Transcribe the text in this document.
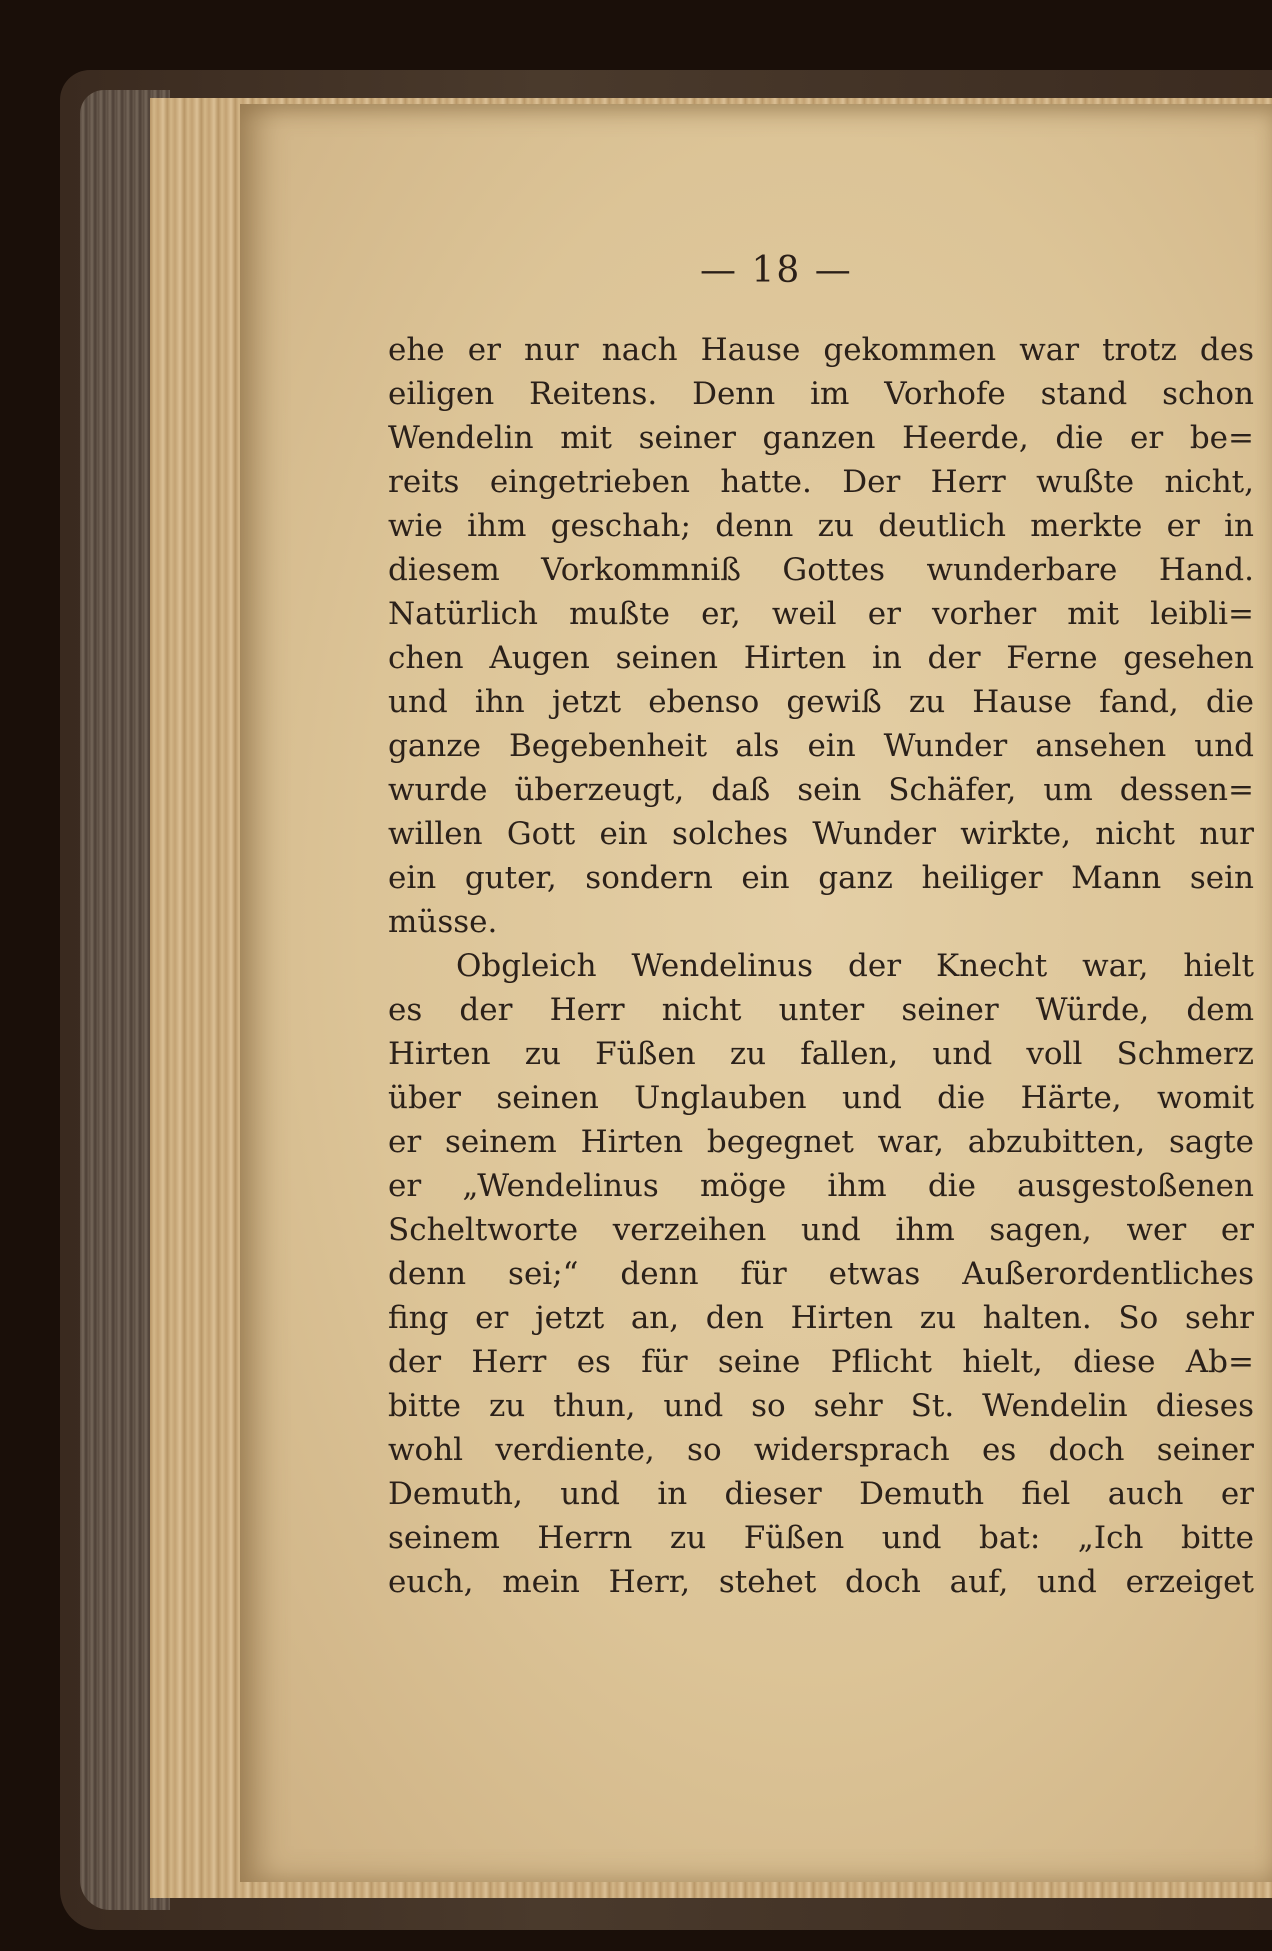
— 18 —
ehe er nur nach Hause gekommen war trotz des
eiligen Reitens. Denn im Vorhofe stand schon
Wendelin mit seiner ganzen Heerde, die er be=
reits eingetrieben hatte. Der Herr wußte nicht,
wie ihm geschah; denn zu deutlich merkte er in
diesem Vorkommniß Gottes wunderbare Hand.
Natürlich mußte er, weil er vorher mit leibli=
chen Augen seinen Hirten in der Ferne gesehen
und ihn jetzt ebenso gewiß zu Hause fand, die
ganze Begebenheit als ein Wunder ansehen und
wurde überzeugt, daß sein Schäfer, um dessen=
willen Gott ein solches Wunder wirkte, nicht nur
ein guter, sondern ein ganz heiliger Mann sein
müsse.
Obgleich Wendelinus der Knecht war, hielt
es der Herr nicht unter seiner Würde, dem
Hirten zu Füßen zu fallen, und voll Schmerz
über seinen Unglauben und die Härte, womit
er seinem Hirten begegnet war, abzubitten, sagte
er „Wendelinus möge ihm die ausgestoßenen
Scheltworte verzeihen und ihm sagen, wer er
denn sei;“ denn für etwas Außerordentliches
fing er jetzt an, den Hirten zu halten. So sehr
der Herr es für seine Pflicht hielt, diese Ab=
bitte zu thun, und so sehr St. Wendelin dieses
wohl verdiente, so widersprach es doch seiner
Demuth, und in dieser Demuth fiel auch er
seinem Herrn zu Füßen und bat: „Ich bitte
euch, mein Herr, stehet doch auf, und erzeiget
